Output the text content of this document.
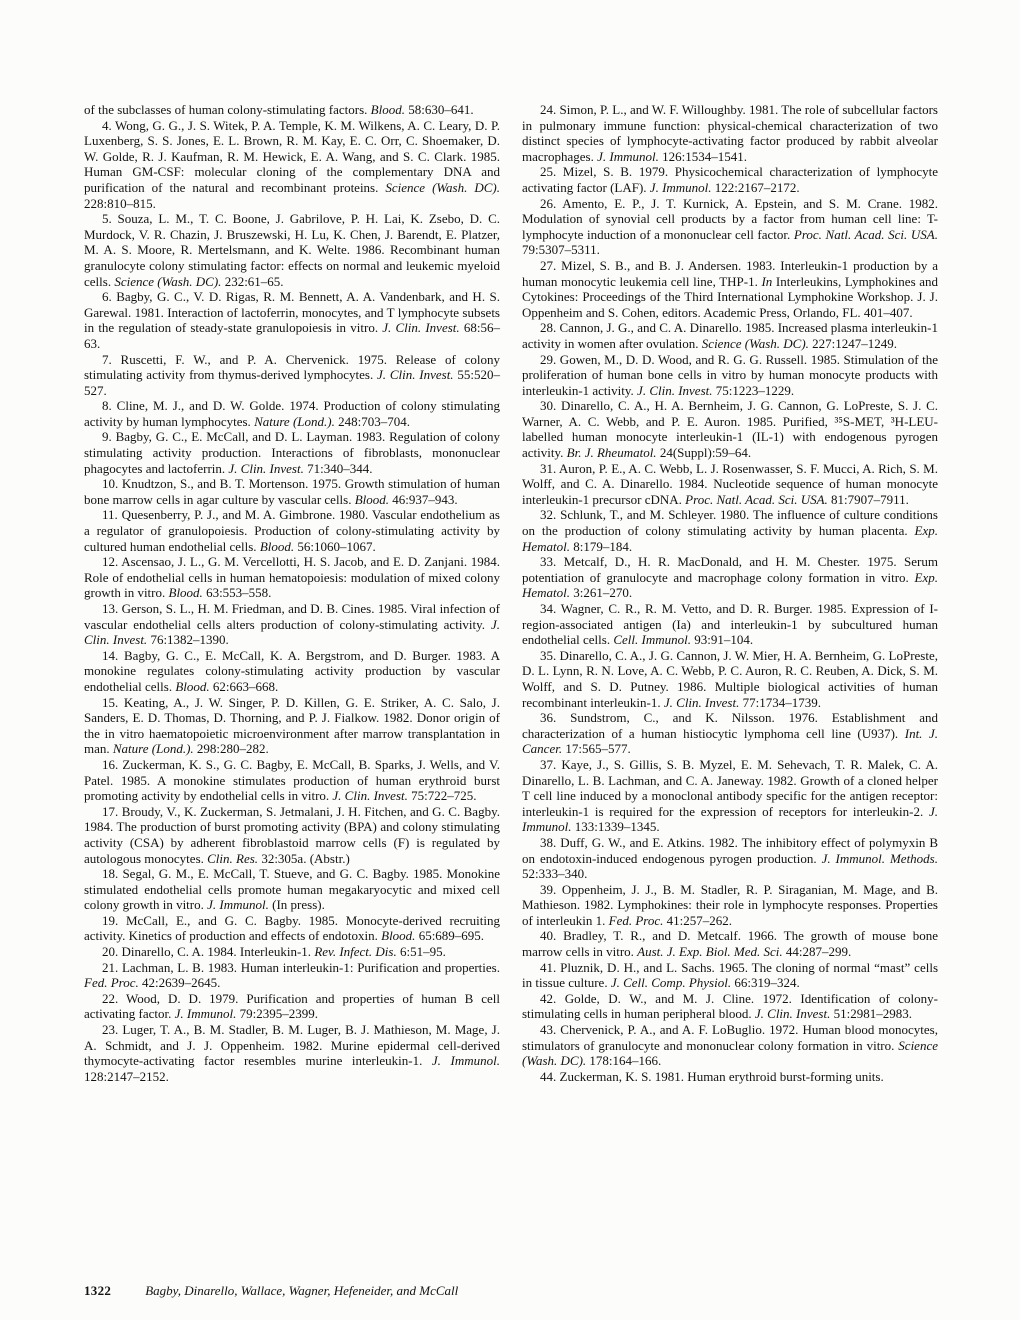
of the subclasses of human colony-stimulating factors. Blood. 58:630–641.

4. Wong, G. G., J. S. Witek, P. A. Temple, K. M. Wilkens, A. C. Leary, D. P. Luxenberg, S. S. Jones, E. L. Brown, R. M. Kay, E. C. Orr, C. Shoemaker, D. W. Golde, R. J. Kaufman, R. M. Hewick, E. A. Wang, and S. C. Clark. 1985. Human GM-CSF: molecular cloning of the complementary DNA and purification of the natural and recombinant proteins. Science (Wash. DC). 228:810–815.

5. Souza, L. M., T. C. Boone, J. Gabrilove, P. H. Lai, K. Zsebo, D. C. Murdock, V. R. Chazin, J. Bruszewski, H. Lu, K. Chen, J. Barendt, E. Platzer, M. A. S. Moore, R. Mertelsmann, and K. Welte. 1986. Recombinant human granulocyte colony stimulating factor: effects on normal and leukemic myeloid cells. Science (Wash. DC). 232:61–65.

6. Bagby, G. C., V. D. Rigas, R. M. Bennett, A. A. Vandenbark, and H. S. Garewal. 1981. Interaction of lactoferrin, monocytes, and T lymphocyte subsets in the regulation of steady-state granulopoiesis in vitro. J. Clin. Invest. 68:56–63.

7. Ruscetti, F. W., and P. A. Chervenick. 1975. Release of colony stimulating activity from thymus-derived lymphocytes. J. Clin. Invest. 55:520–527.

8. Cline, M. J., and D. W. Golde. 1974. Production of colony stimulating activity by human lymphocytes. Nature (Lond.). 248:703–704.

9. Bagby, G. C., E. McCall, and D. L. Layman. 1983. Regulation of colony stimulating activity production. Interactions of fibroblasts, mononuclear phagocytes and lactoferrin. J. Clin. Invest. 71:340–344.

10. Knudtzon, S., and B. T. Mortenson. 1975. Growth stimulation of human bone marrow cells in agar culture by vascular cells. Blood. 46:937–943.

11. Quesenberry, P. J., and M. A. Gimbrone. 1980. Vascular endothelium as a regulator of granulopoiesis. Production of colony-stimulating activity by cultured human endothelial cells. Blood. 56:1060–1067.

12. Ascensao, J. L., G. M. Vercellotti, H. S. Jacob, and E. D. Zanjani. 1984. Role of endothelial cells in human hematopoiesis: modulation of mixed colony growth in vitro. Blood. 63:553–558.

13. Gerson, S. L., H. M. Friedman, and D. B. Cines. 1985. Viral infection of vascular endothelial cells alters production of colony-stimulating activity. J. Clin. Invest. 76:1382–1390.

14. Bagby, G. C., E. McCall, K. A. Bergstrom, and D. Burger. 1983. A monokine regulates colony-stimulating activity production by vascular endothelial cells. Blood. 62:663–668.

15. Keating, A., J. W. Singer, P. D. Killen, G. E. Striker, A. C. Salo, J. Sanders, E. D. Thomas, D. Thorning, and P. J. Fialkow. 1982. Donor origin of the in vitro haematopoietic microenvironment after marrow transplantation in man. Nature (Lond.). 298:280–282.

16. Zuckerman, K. S., G. C. Bagby, E. McCall, B. Sparks, J. Wells, and V. Patel. 1985. A monokine stimulates production of human erythroid burst promoting activity by endothelial cells in vitro. J. Clin. Invest. 75:722–725.

17. Broudy, V., K. Zuckerman, S. Jetmalani, J. H. Fitchen, and G. C. Bagby. 1984. The production of burst promoting activity (BPA) and colony stimulating activity (CSA) by adherent fibroblastoid marrow cells (F) is regulated by autologous monocytes. Clin. Res. 32:305a. (Abstr.)

18. Segal, G. M., E. McCall, T. Stueve, and G. C. Bagby. 1985. Monokine stimulated endothelial cells promote human megakaryocytic and mixed cell colony growth in vitro. J. Immunol. (In press).

19. McCall, E., and G. C. Bagby. 1985. Monocyte-derived recruiting activity. Kinetics of production and effects of endotoxin. Blood. 65:689–695.

20. Dinarello, C. A. 1984. Interleukin-1. Rev. Infect. Dis. 6:51–95.

21. Lachman, L. B. 1983. Human interleukin-1: Purification and properties. Fed. Proc. 42:2639–2645.

22. Wood, D. D. 1979. Purification and properties of human B cell activating factor. J. Immunol. 79:2395–2399.

23. Luger, T. A., B. M. Stadler, B. M. Luger, B. J. Mathieson, M. Mage, J. A. Schmidt, and J. J. Oppenheim. 1982. Murine epidermal cell-derived thymocyte-activating factor resembles murine interleukin-1. J. Immunol. 128:2147–2152.

24. Simon, P. L., and W. F. Willoughby. 1981. The role of subcellular factors in pulmonary immune function: physical-chemical characterization of two distinct species of lymphocyte-activating factor produced by rabbit alveolar macrophages. J. Immunol. 126:1534–1541.

25. Mizel, S. B. 1979. Physicochemical characterization of lymphocyte activating factor (LAF). J. Immunol. 122:2167–2172.

26. Amento, E. P., J. T. Kurnick, A. Epstein, and S. M. Crane. 1982. Modulation of synovial cell products by a factor from human cell line: T-lymphocyte induction of a mononuclear cell factor. Proc. Natl. Acad. Sci. USA. 79:5307–5311.

27. Mizel, S. B., and B. J. Andersen. 1983. Interleukin-1 production by a human monocytic leukemia cell line, THP-1. In Interleukins, Lymphokines and Cytokines: Proceedings of the Third International Lymphokine Workshop. J. J. Oppenheim and S. Cohen, editors. Academic Press, Orlando, FL. 401–407.

28. Cannon, J. G., and C. A. Dinarello. 1985. Increased plasma interleukin-1 activity in women after ovulation. Science (Wash. DC). 227:1247–1249.

29. Gowen, M., D. D. Wood, and R. G. G. Russell. 1985. Stimulation of the proliferation of human bone cells in vitro by human monocyte products with interleukin-1 activity. J. Clin. Invest. 75:1223–1229.

30. Dinarello, C. A., H. A. Bernheim, J. G. Cannon, G. LoPreste, S. J. C. Warner, A. C. Webb, and P. E. Auron. 1985. Purified, ³⁵S-MET, ³H-LEU-labelled human monocyte interleukin-1 (IL-1) with endogenous pyrogen activity. Br. J. Rheumatol. 24(Suppl):59–64.

31. Auron, P. E., A. C. Webb, L. J. Rosenwasser, S. F. Mucci, A. Rich, S. M. Wolff, and C. A. Dinarello. 1984. Nucleotide sequence of human monocyte interleukin-1 precursor cDNA. Proc. Natl. Acad. Sci. USA. 81:7907–7911.

32. Schlunk, T., and M. Schleyer. 1980. The influence of culture conditions on the production of colony stimulating activity by human placenta. Exp. Hematol. 8:179–184.

33. Metcalf, D., H. R. MacDonald, and H. M. Chester. 1975. Serum potentiation of granulocyte and macrophage colony formation in vitro. Exp. Hematol. 3:261–270.

34. Wagner, C. R., R. M. Vetto, and D. R. Burger. 1985. Expression of I-region-associated antigen (Ia) and interleukin-1 by subcultured human endothelial cells. Cell. Immunol. 93:91–104.

35. Dinarello, C. A., J. G. Cannon, J. W. Mier, H. A. Bernheim, G. LoPreste, D. L. Lynn, R. N. Love, A. C. Webb, P. C. Auron, R. C. Reuben, A. Dick, S. M. Wolff, and S. D. Putney. 1986. Multiple biological activities of human recombinant interleukin-1. J. Clin. Invest. 77:1734–1739.

36. Sundstrom, C., and K. Nilsson. 1976. Establishment and characterization of a human histiocytic lymphoma cell line (U937). Int. J. Cancer. 17:565–577.

37. Kaye, J., S. Gillis, S. B. Myzel, E. M. Sehevach, T. R. Malek, C. A. Dinarello, L. B. Lachman, and C. A. Janeway. 1982. Growth of a cloned helper T cell line induced by a monoclonal antibody specific for the antigen receptor: interleukin-1 is required for the expression of receptors for interleukin-2. J. Immunol. 133:1339–1345.

38. Duff, G. W., and E. Atkins. 1982. The inhibitory effect of polymyxin B on endotoxin-induced endogenous pyrogen production. J. Immunol. Methods. 52:333–340.

39. Oppenheim, J. J., B. M. Stadler, R. P. Siraganian, M. Mage, and B. Mathieson. 1982. Lymphokines: their role in lymphocyte responses. Properties of interleukin 1. Fed. Proc. 41:257–262.

40. Bradley, T. R., and D. Metcalf. 1966. The growth of mouse bone marrow cells in vitro. Aust. J. Exp. Biol. Med. Sci. 44:287–299.

41. Pluznik, D. H., and L. Sachs. 1965. The cloning of normal “mast” cells in tissue culture. J. Cell. Comp. Physiol. 66:319–324.

42. Golde, D. W., and M. J. Cline. 1972. Identification of colony-stimulating cells in human peripheral blood. J. Clin. Invest. 51:2981–2983.

43. Chervenick, P. A., and A. F. LoBuglio. 1972. Human blood monocytes, stimulators of granulocyte and mononuclear colony formation in vitro. Science (Wash. DC). 178:164–166.

44. Zuckerman, K. S. 1981. Human erythroid burst-forming units.

1322	Bagby, Dinarello, Wallace, Wagner, Hefeneider, and McCall
